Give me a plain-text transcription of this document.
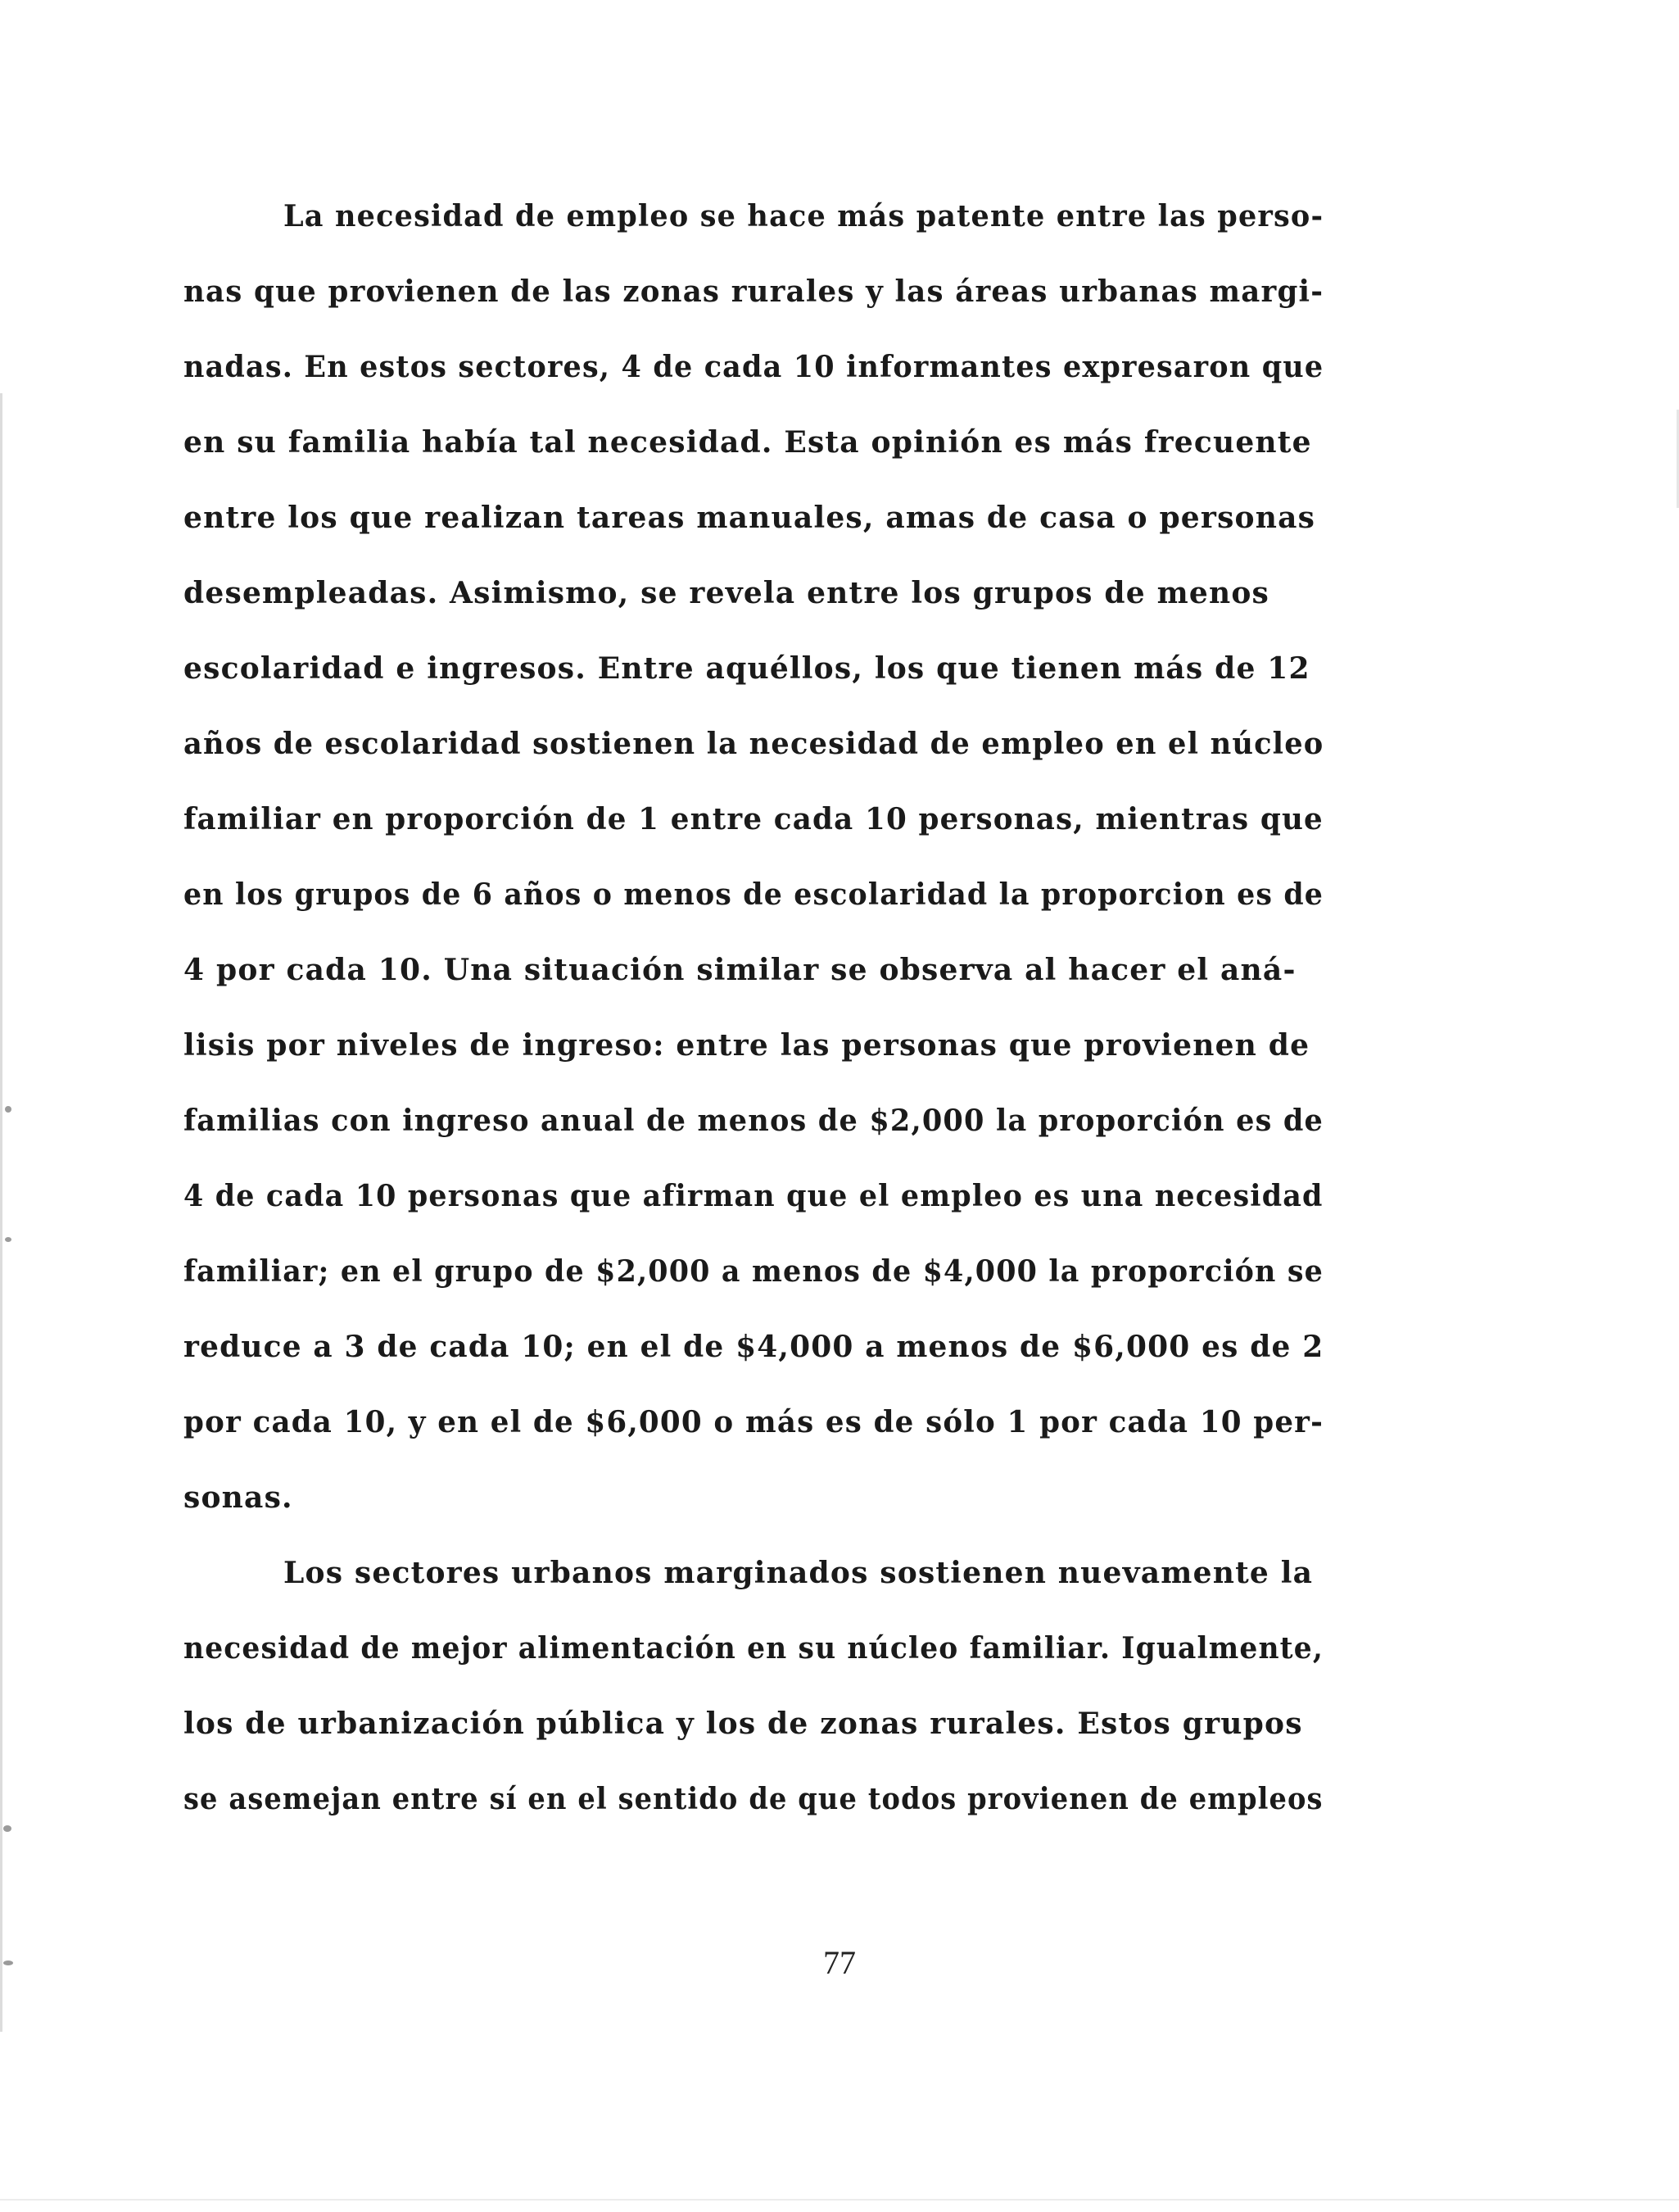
La necesidad de empleo se hace más patente entre las perso-
nas que provienen de las zonas rurales y las áreas urbanas margi-
nadas. En estos sectores, 4 de cada 10 informantes expresaron que
en su familia había tal necesidad. Esta opinión es más frecuente
entre los que realizan tareas manuales, amas de casa o personas
desempleadas. Asimismo, se revela entre los grupos de menos
escolaridad e ingresos. Entre aquéllos, los que tienen más de 12
años de escolaridad sostienen la necesidad de empleo en el núcleo
familiar en proporción de 1 entre cada 10 personas, mientras que
en los grupos de 6 años o menos de escolaridad la proporcion es de
4 por cada 10. Una situación similar se observa al hacer el aná-
lisis por niveles de ingreso: entre las personas que provienen de
familias con ingreso anual de menos de $2,000 la proporción es de
4 de cada 10 personas que afirman que el empleo es una necesidad
familiar; en el grupo de $2,000 a menos de $4,000 la proporción se
reduce a 3 de cada 10; en el de $4,000 a menos de $6,000 es de 2
por cada 10, y en el de $6,000 o más es de sólo 1 por cada 10 per-
sonas.
Los sectores urbanos marginados sostienen nuevamente la
necesidad de mejor alimentación en su núcleo familiar. Igualmente,
los de urbanización pública y los de zonas rurales. Estos grupos
se asemejan entre sí en el sentido de que todos provienen de empleos
77
